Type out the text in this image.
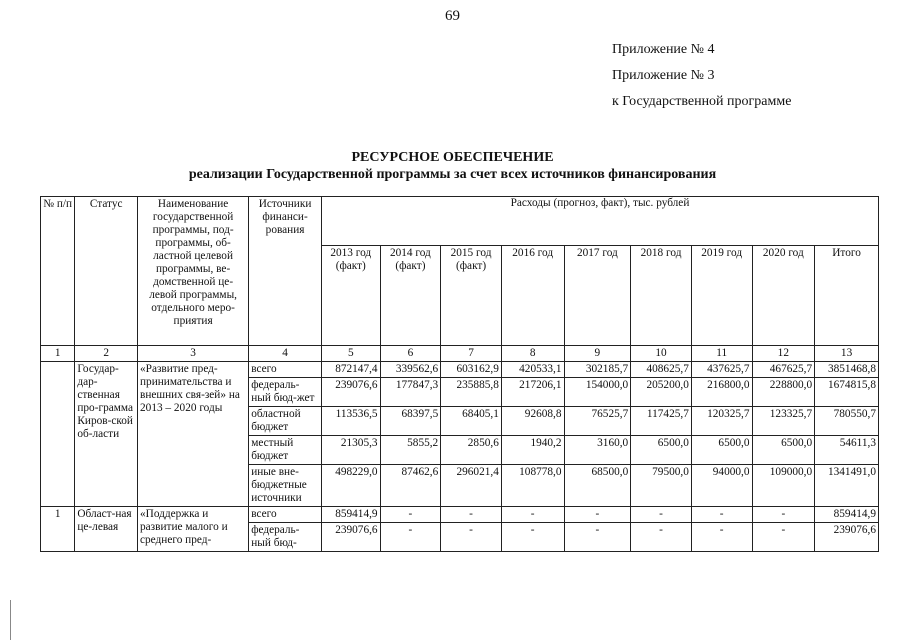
69
Приложение № 4
Приложение № 3
к Государственной программе
РЕСУРСНОЕ ОБЕСПЕЧЕНИЕ
реализации Государственной программы за счет всех источников финансирования
№ п/п	Статус	Наименование государственной программы, под-программы, об-ластной целевой программы, ве-домственной це-левой программы, отдельного меро-приятия	Источники финанси-рования	Расходы (прогноз, факт), тыс. рублей								
				2013 год (факт)	2014 год (факт)	2015 год (факт)	2016 год	2017 год	2018 год	2019 год	2020 год	Итого
1	2	3	4	5	6	7	8	9	10	11	12	13
	Государ-дар-ственная про-грамма Киров-ской об-ласти	«Развитие пред-принимательства и внешних свя-зей» на 2013 – 2020 годы	всего	872147,4	339562,6	603162,9	420533,1	302185,7	408625,7	437625,7	467625,7	3851468,8
			федераль-ный бюд-жет	239076,6	177847,3	235885,8	217206,1	154000,0	205200,0	216800,0	228800,0	1674815,8
			областной бюджет	113536,5	68397,5	68405,1	92608,8	76525,7	117425,7	120325,7	123325,7	780550,7
			местный бюджет	21305,3	5855,2	2850,6	1940,2	3160,0	6500,0	6500,0	6500,0	54611,3
			иные вне-бюджетные источники	498229,0	87462,6	296021,4	108778,0	68500,0	79500,0	94000,0	109000,0	1341491,0
1	Област-ная це-левая	«Поддержка и развитие малого и среднего пред-	всего	859414,9	-	-	-	-	-	-	-	859414,9
			федераль-ный бюд-	239076,6	-	-	-	-	-	-	-	239076,6
